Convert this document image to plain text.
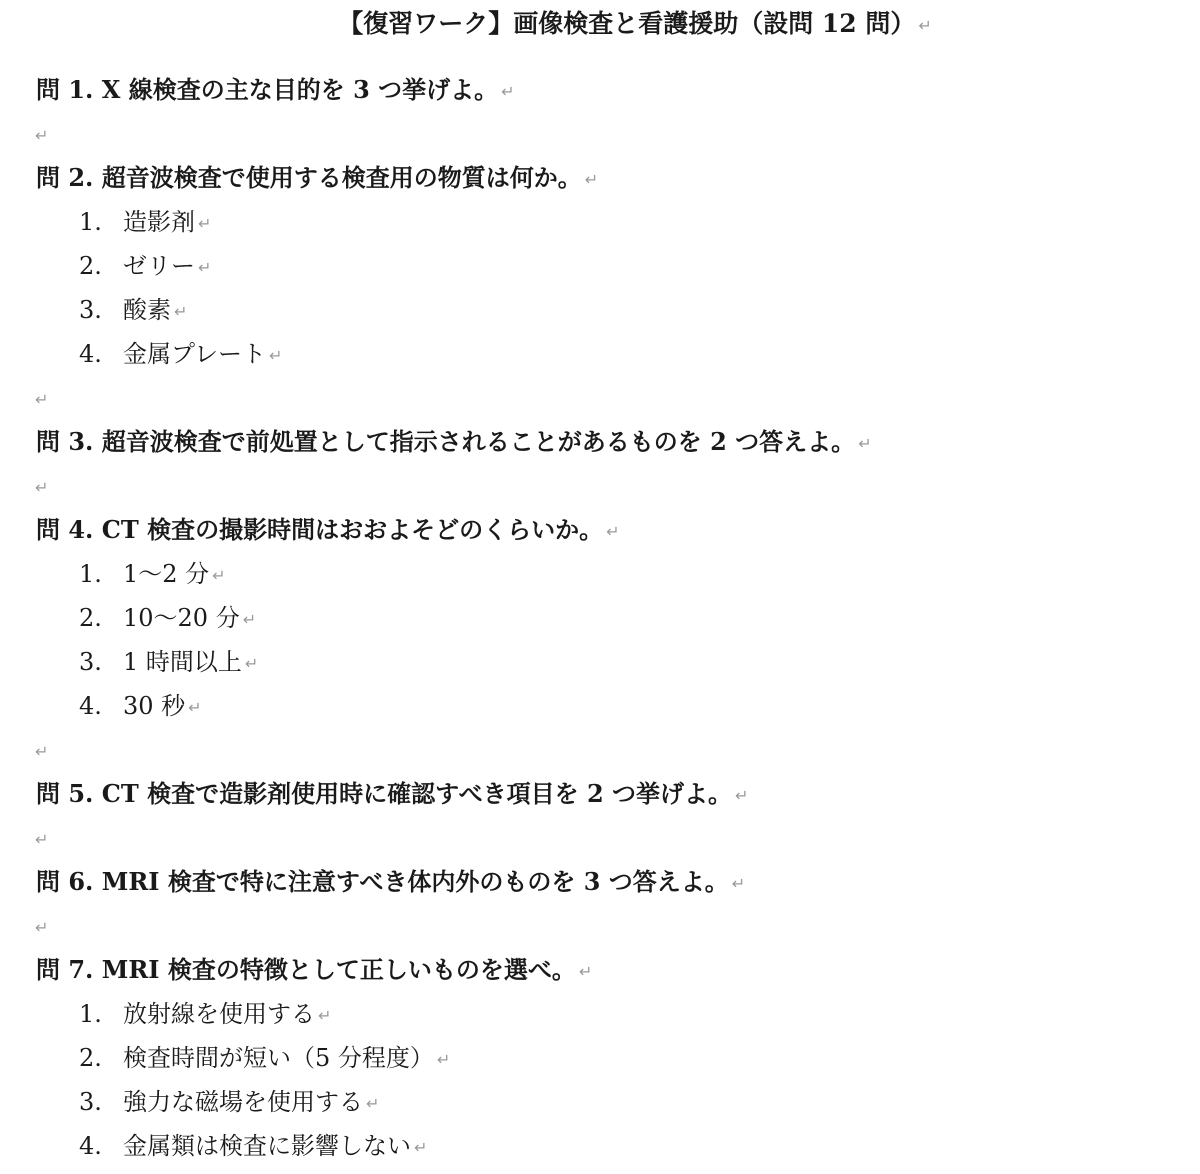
【復習ワーク】画像検査と看護援助（設問 12 問） ↵
問 1. X 線検査の主な目的を 3 つ挙げよ。 ↵
↵
問 2. 超音波検査で使用する検査用の物質は何か。 ↵
1. 造影剤 ↵
2. ゼリー ↵
3. 酸素 ↵
4. 金属プレート ↵
↵
問 3. 超音波検査で前処置として指示されることがあるものを 2 つ答えよ。 ↵
↵
問 4. CT 検査の撮影時間はおおよそどのくらいか。 ↵
1. 1〜2 分 ↵
2. 10〜20 分 ↵
3. 1 時間以上 ↵
4. 30 秒 ↵
↵
問 5. CT 検査で造影剤使用時に確認すべき項目を 2 つ挙げよ。 ↵
↵
問 6. MRI 検査で特に注意すべき体内外のものを 3 つ答えよ。 ↵
↵
問 7. MRI 検査の特徴として正しいものを選べ。 ↵
1. 放射線を使用する ↵
2. 検査時間が短い（5 分程度） ↵
3. 強力な磁場を使用する ↵
4. 金属類は検査に影響しない ↵
